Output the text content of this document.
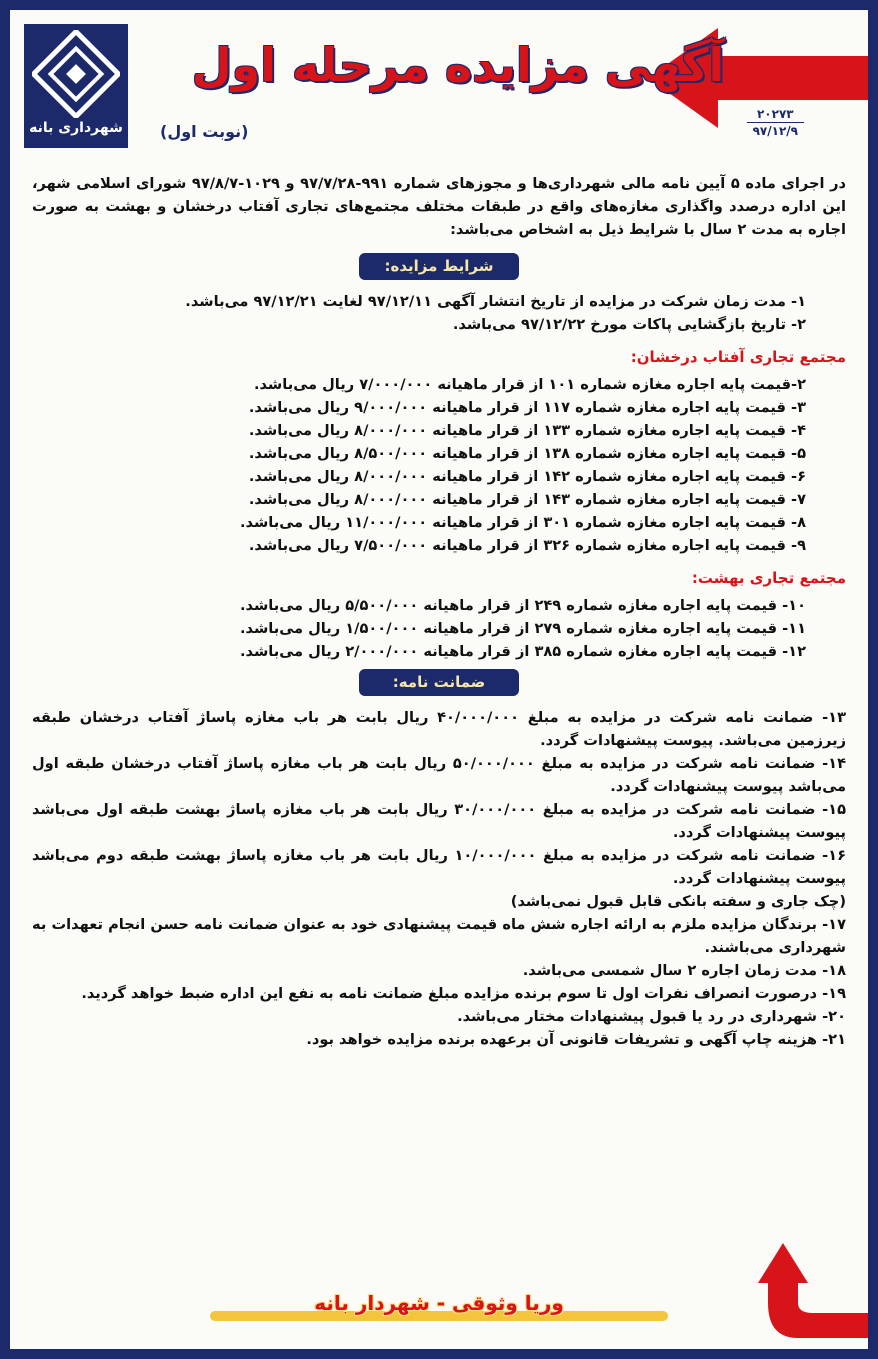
شهرداری بانه
آگهی مزایده مرحله اول
(نوبت اول)
۲۰۲۷۳
۹۷/۱۲/۹

در اجرای ماده ۵ آیین نامه مالی شهرداری‌ها و مجوزهای شماره ۹۹۱-۹۷/۷/۲۸ و ۱۰۲۹-۹۷/۸/۷ شورای اسلامی شهر، این اداره درصدد واگذاری مغازه‌های واقع در طبقات مختلف مجتمع‌های تجاری آفتاب درخشان و بهشت به صورت اجاره به مدت ۲ سال با شرایط ذیل به اشخاص می‌باشد:

شرایط مزایده:

۱- مدت زمان شرکت در مزایده از تاریخ انتشار آگهی ۹۷/۱۲/۱۱ لغایت ۹۷/۱۲/۲۱ می‌باشد.

۲- تاریخ بازگشایی پاکات مورخ ۹۷/۱۲/۲۲ می‌باشد.

مجتمع تجاری آفتاب درخشان:

۲-قیمت پایه اجاره مغازه شماره ۱۰۱ از قرار ماهیانه ۷/۰۰۰/۰۰۰ ریال می‌باشد.

۳- قیمت پایه اجاره مغازه شماره ۱۱۷ از قرار ماهیانه ۹/۰۰۰/۰۰۰ ریال می‌باشد.

۴- قیمت پایه اجاره مغازه شماره ۱۳۳ از قرار ماهیانه ۸/۰۰۰/۰۰۰ ریال می‌باشد.

۵- قیمت پایه اجاره مغازه شماره ۱۳۸ از قرار ماهیانه ۸/۵۰۰/۰۰۰ ریال می‌باشد.

۶- قیمت پایه اجاره مغازه شماره ۱۴۲ از قرار ماهیانه ۸/۰۰۰/۰۰۰ ریال می‌باشد.

۷- قیمت پایه اجاره مغازه شماره ۱۴۳ از قرار ماهیانه ۸/۰۰۰/۰۰۰ ریال می‌باشد.

۸- قیمت پایه اجاره مغازه شماره ۳۰۱ از قرار ماهیانه ۱۱/۰۰۰/۰۰۰ ریال می‌باشد.

۹- قیمت پایه اجاره مغازه شماره ۳۲۶ از قرار ماهیانه ۷/۵۰۰/۰۰۰ ریال می‌باشد.

مجتمع تجاری بهشت:

۱۰- قیمت پایه اجاره مغازه شماره ۲۴۹ از قرار ماهیانه ۵/۵۰۰/۰۰۰ ریال می‌باشد.

۱۱- قیمت پایه اجاره مغازه شماره ۲۷۹ از قرار ماهیانه ۱/۵۰۰/۰۰۰ ریال می‌باشد.

۱۲- قیمت پایه اجاره مغازه شماره ۳۸۵ از قرار ماهیانه ۲/۰۰۰/۰۰۰ ریال می‌باشد.

ضمانت نامه:

۱۳- ضمانت نامه شرکت در مزایده به مبلغ ۴۰/۰۰۰/۰۰۰ ریال بابت هر باب مغازه پاساژ آفتاب درخشان طبقه زیرزمین می‌باشد. پیوست پیشنهادات گردد.

۱۴- ضمانت نامه شرکت در مزایده به مبلغ ۵۰/۰۰۰/۰۰۰ ریال بابت هر باب مغازه پاساژ آفتاب درخشان طبقه اول می‌باشد پیوست پیشنهادات گردد.

۱۵- ضمانت نامه شرکت در مزایده به مبلغ ۳۰/۰۰۰/۰۰۰ ریال بابت هر باب مغازه پاساژ بهشت طبقه اول می‌باشد پیوست پیشنهادات گردد.

۱۶- ضمانت نامه شرکت در مزایده به مبلغ ۱۰/۰۰۰/۰۰۰ ریال بابت هر باب مغازه پاساژ بهشت طبقه دوم می‌باشد پیوست پیشنهادات گردد.

(چک جاری و سفته بانکی قابل قبول نمی‌باشد)

۱۷- برندگان مزایده ملزم به ارائه اجاره شش ماه قیمت پیشنهادی خود به عنوان ضمانت نامه حسن انجام تعهدات به شهرداری می‌باشند.

۱۸- مدت زمان اجاره ۲ سال شمسی می‌باشد.

۱۹- درصورت انصراف نفرات اول تا سوم برنده مزایده مبلغ ضمانت نامه به نفع این اداره ضبط خواهد گردید.

۲۰- شهرداری در رد یا قبول پیشنهادات مختار می‌باشد.

۲۱- هزینه چاپ آگهی و تشریفات قانونی آن برعهده برنده مزایده خواهد بود.

وریا وثوقی - شهردار بانه
